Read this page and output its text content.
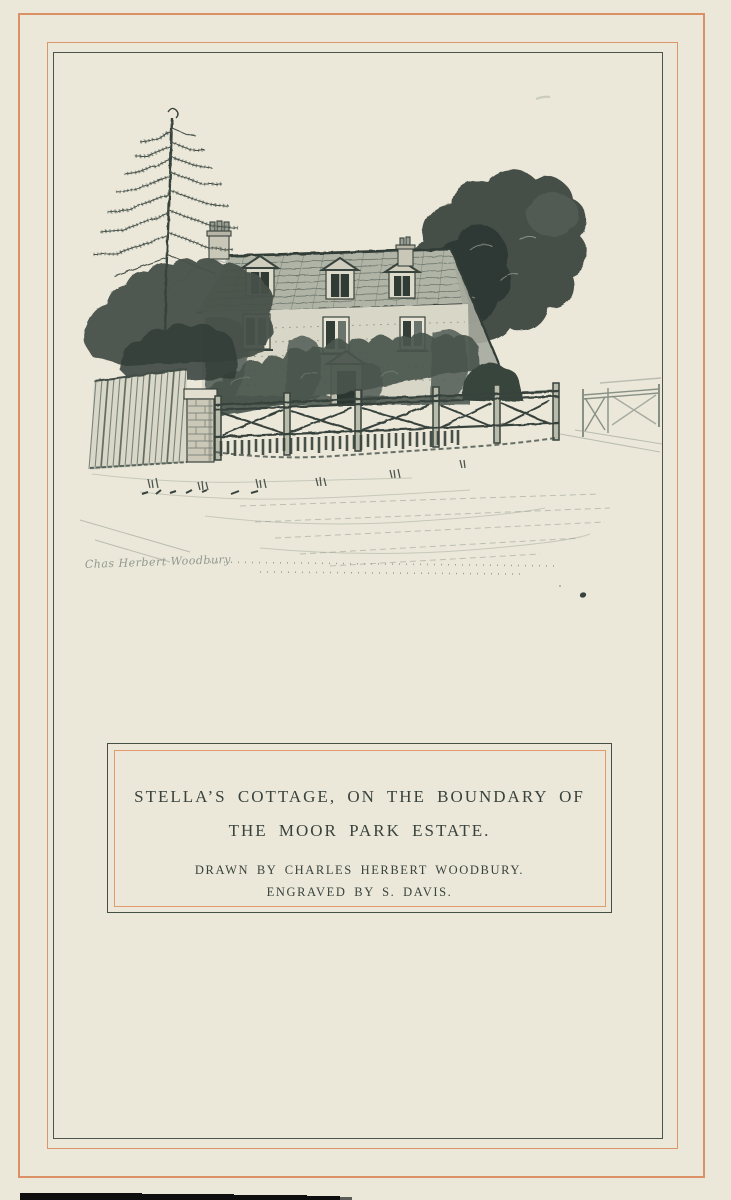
Chas Herbert Woodbury
STELLA’S COTTAGE, ON THE BOUNDARY OF
THE MOOR PARK ESTATE.
DRAWN BY CHARLES HERBERT WOODBURY.
ENGRAVED BY S. DAVIS.
